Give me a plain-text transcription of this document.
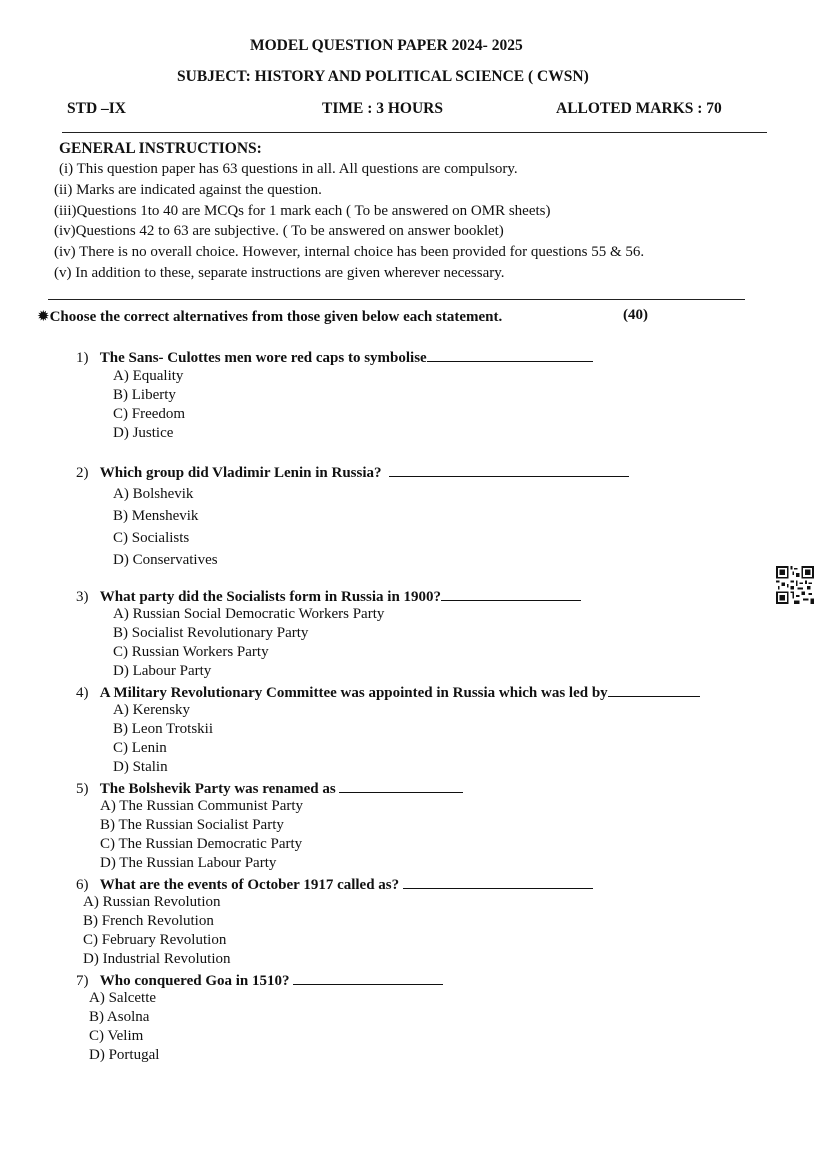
MODEL QUESTION PAPER 2024- 2025
SUBJECT: HISTORY AND POLITICAL SCIENCE ( CWSN)
STD –IX	TIME : 3 HOURS	ALLOTED MARKS : 70
GENERAL INSTRUCTIONS:
(i) This question paper has 63 questions in all. All questions are compulsory.
(ii) Marks are indicated against the question.
(iii)Questions 1to 40 are MCQs for 1 mark each ( To be answered on OMR sheets)
(iv)Questions 42 to 63 are subjective. ( To be answered on answer booklet)
(iv) There is no overall choice. However, internal choice has been provided for questions 55 & 56.
(v) In addition to these, separate instructions are given wherever necessary.
✹Choose the correct alternatives from those given below each statement.	(40)
1) The Sans- Culottes men wore red caps to symbolise
A) Equality
B) Liberty
C) Freedom
D) Justice
2) Which group did Vladimir Lenin in Russia?
A) Bolshevik
B) Menshevik
C) Socialists
D) Conservatives
3) What party did the Socialists form in Russia in 1900?
A) Russian Social Democratic Workers Party
B) Socialist Revolutionary Party
C) Russian Workers Party
D) Labour Party
4) A Military Revolutionary Committee was appointed in Russia which was led by
A) Kerensky
B) Leon Trotskii
C) Lenin
D) Stalin
5) The Bolshevik Party was renamed as
A) The Russian Communist Party
B) The Russian Socialist Party
C) The Russian Democratic Party
D) The Russian Labour Party
6) What are the events of October 1917 called as?
A) Russian Revolution
B) French Revolution
C) February Revolution
D) Industrial Revolution
7) Who conquered Goa in 1510?
A) Salcette
B) Asolna
C) Velim
D) Portugal
